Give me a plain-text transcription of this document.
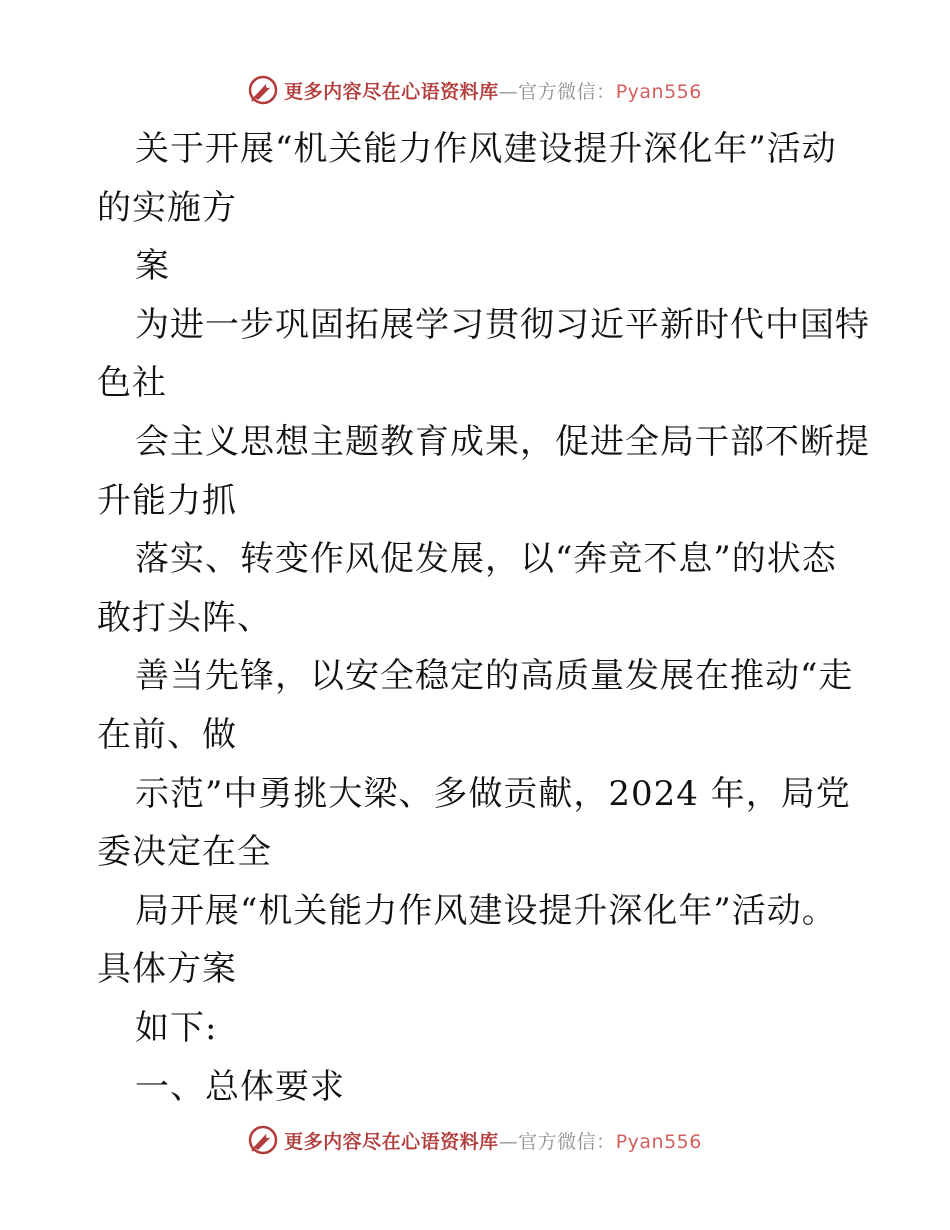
更多内容尽在心语资料库—官方微信：Pyan556
关于开展“机关能力作风建设提升深化年”活动
的实施方
案
为进一步巩固拓展学习贯彻习近平新时代中国特
色社
会主义思想主题教育成果，促进全局干部不断提
升能力抓
落实、转变作风促发展，以“奔竞不息”的状态
敢打头阵、
善当先锋，以安全稳定的高质量发展在推动“走
在前、做
示范”中勇挑大梁、多做贡献，2024 年，局党
委决定在全
局开展“机关能力作风建设提升深化年”活动。
具体方案
如下:
一、总体要求
更多内容尽在心语资料库—官方微信：Pyan556
